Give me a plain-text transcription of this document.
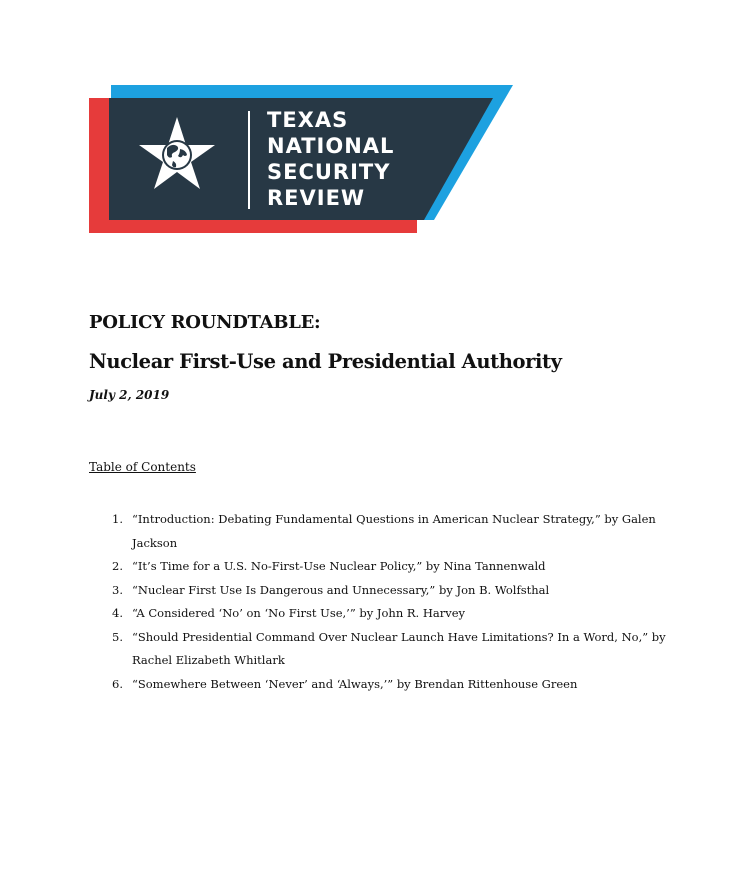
TEXAS
NATIONAL
SECURITY
REVIEW
POLICY ROUNDTABLE:
Nuclear First-Use and Presidential Authority
July 2, 2019
Table of Contents
1. “Introduction: Debating Fundamental Questions in American Nuclear Strategy,” by Galen Jackson
2. “It’s Time for a U.S. No-First-Use Nuclear Policy,” by Nina Tannenwald
3. “Nuclear First Use Is Dangerous and Unnecessary,” by Jon B. Wolfsthal
4. “A Considered ‘No’ on ‘No First Use,’” by John R. Harvey
5. “Should Presidential Command Over Nuclear Launch Have Limitations? In a Word, No,” by Rachel Elizabeth Whitlark
6. “Somewhere Between ‘Never’ and ‘Always,’” by Brendan Rittenhouse Green
